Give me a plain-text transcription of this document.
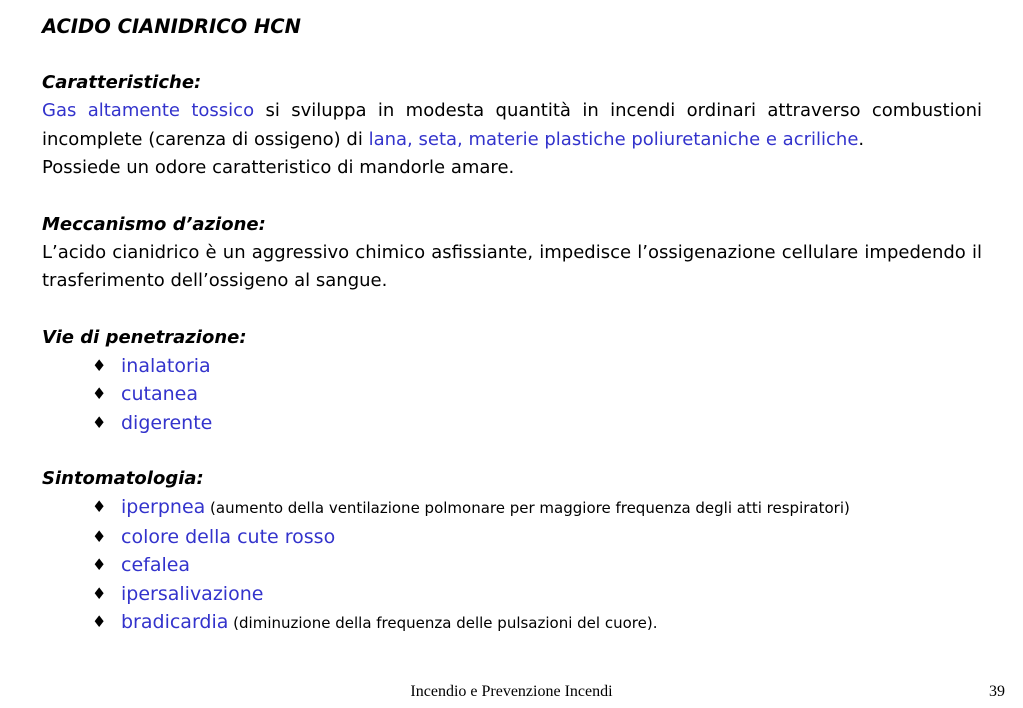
ACIDO CIANIDRICO HCN

Caratteristiche:

Gas altamente tossico si sviluppa in modesta quantità in incendi ordinari attraverso combustioni incomplete (carenza di ossigeno) di lana, seta, materie plastiche poliuretaniche e acriliche.

Possiede un odore caratteristico di mandorle amare.

Meccanismo d’azione:

L’acido cianidrico è un aggressivo chimico asfissiante, impedisce l’ossigenazione cellulare impedendo il trasferimento dell’ossigeno al sangue.

Vie di penetrazione:

♦ inalatoria
♦ cutanea
♦ digerente

Sintomatologia:

♦ iperpnea (aumento della ventilazione polmonare per maggiore frequenza degli atti respiratori)
♦ colore della cute rosso
♦ cefalea
♦ ipersalivazione
♦ bradicardia (diminuzione della frequenza delle pulsazioni del cuore).
Incendio e Prevenzione Incendi	39
